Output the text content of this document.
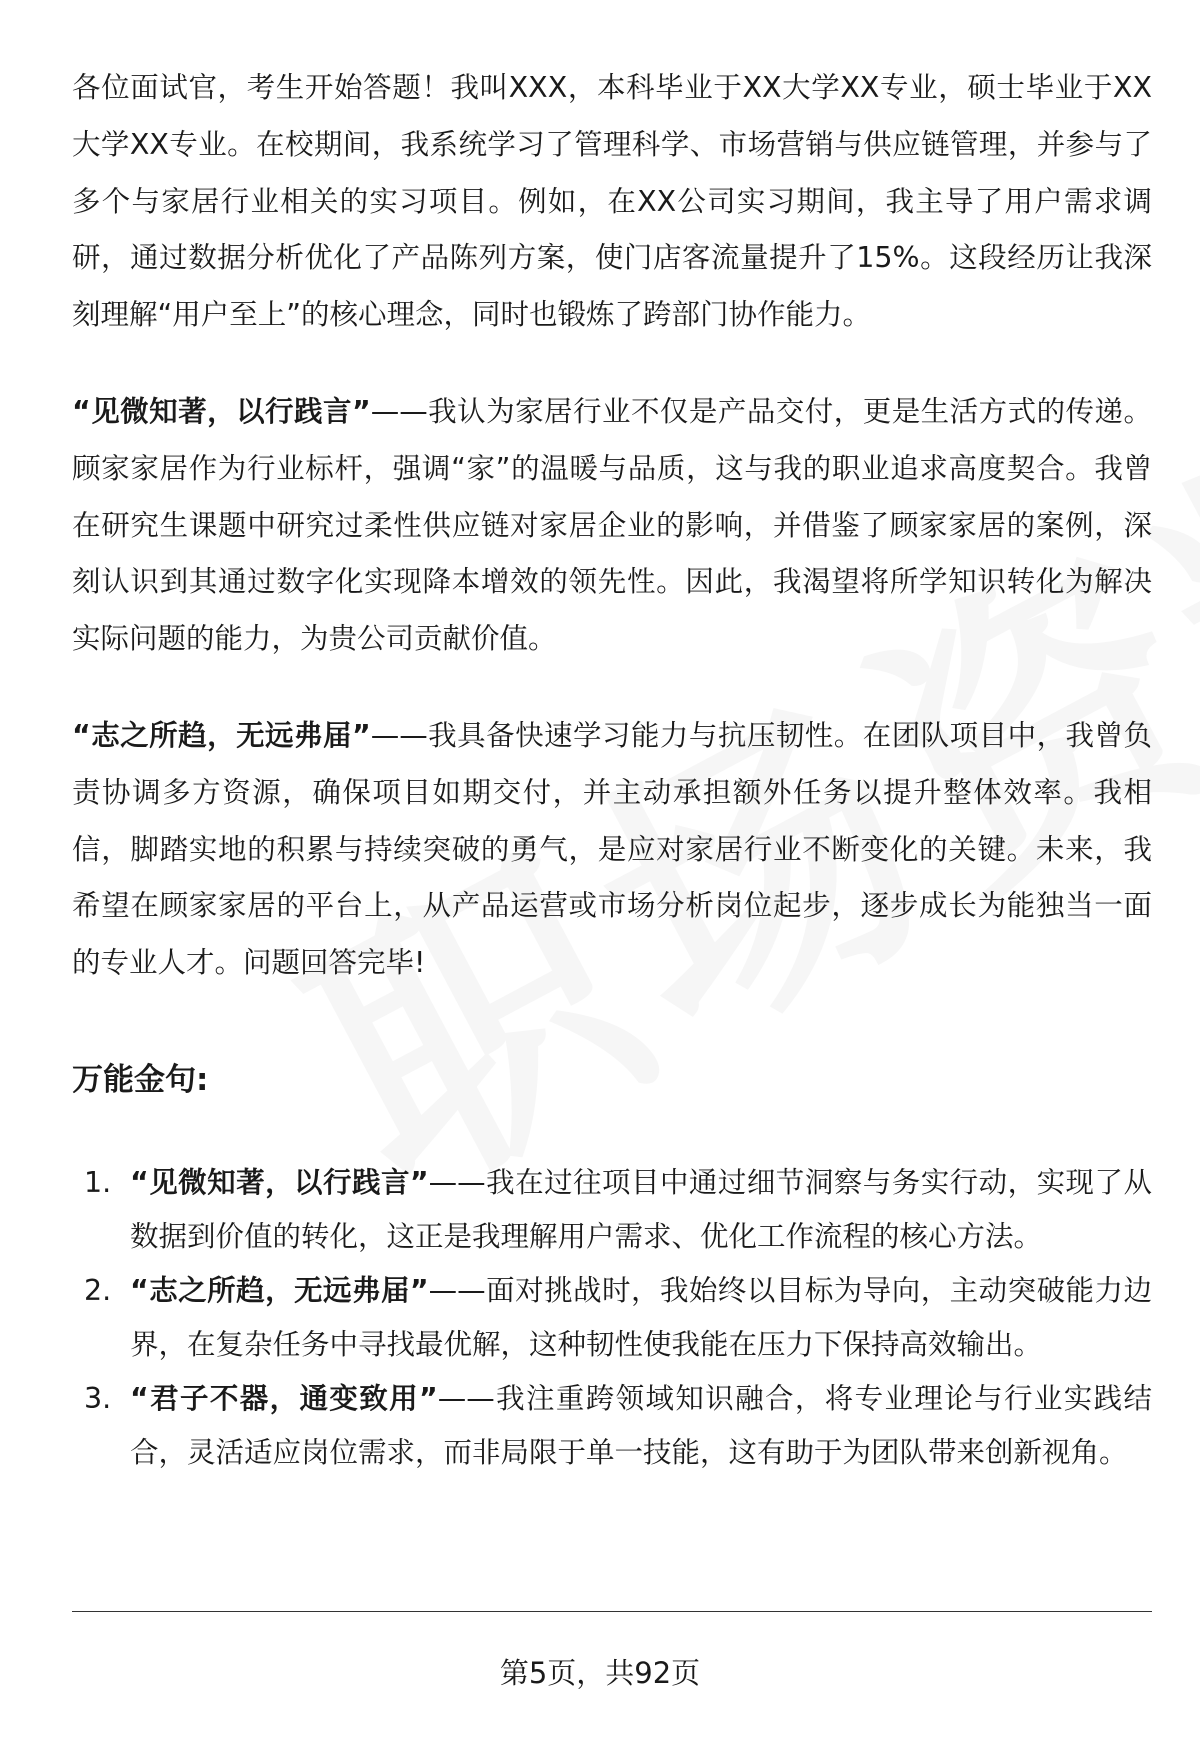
各位面试官，考生开始答题！我叫XXX，本科毕业于XX大学XX专业，硕士毕业于XX大学XX专业。在校期间，我系统学习了管理科学、市场营销与供应链管理，并参与了多个与家居行业相关的实习项目。例如，在XX公司实习期间，我主导了用户需求调研，通过数据分析优化了产品陈列方案，使门店客流量提升了15%。这段经历让我深刻理解“用户至上”的核心理念，同时也锻炼了跨部门协作能力。

“见微知著，以行践言”——我认为家居行业不仅是产品交付，更是生活方式的传递。顾家家居作为行业标杆，强调“家”的温暖与品质，这与我的职业追求高度契合。我曾在研究生课题中研究过柔性供应链对家居企业的影响，并借鉴了顾家家居的案例，深刻认识到其通过数字化实现降本增效的领先性。因此，我渴望将所学知识转化为解决实际问题的能力，为贵公司贡献价值。

“志之所趋，无远弗届”——我具备快速学习能力与抗压韧性。在团队项目中，我曾负责协调多方资源，确保项目如期交付，并主动承担额外任务以提升整体效率。我相信，脚踏实地的积累与持续突破的勇气，是应对家居行业不断变化的关键。未来，我希望在顾家家居的平台上，从产品运营或市场分析岗位起步，逐步成长为能独当一面的专业人才。问题回答完毕!

万能金句:
1. “见微知著，以行践言”——我在过往项目中通过细节洞察与务实行动，实现了从数据到价值的转化，这正是我理解用户需求、优化工作流程的核心方法。
2. “志之所趋，无远弗届”——面对挑战时，我始终以目标为导向，主动突破能力边界，在复杂任务中寻找最优解，这种韧性使我能在压力下保持高效输出。
3. “君子不器，通变致用”——我注重跨领域知识融合，将专业理论与行业实践结合，灵活适应岗位需求，而非局限于单一技能，这有助于为团队带来创新视角。
第5页，共92页
